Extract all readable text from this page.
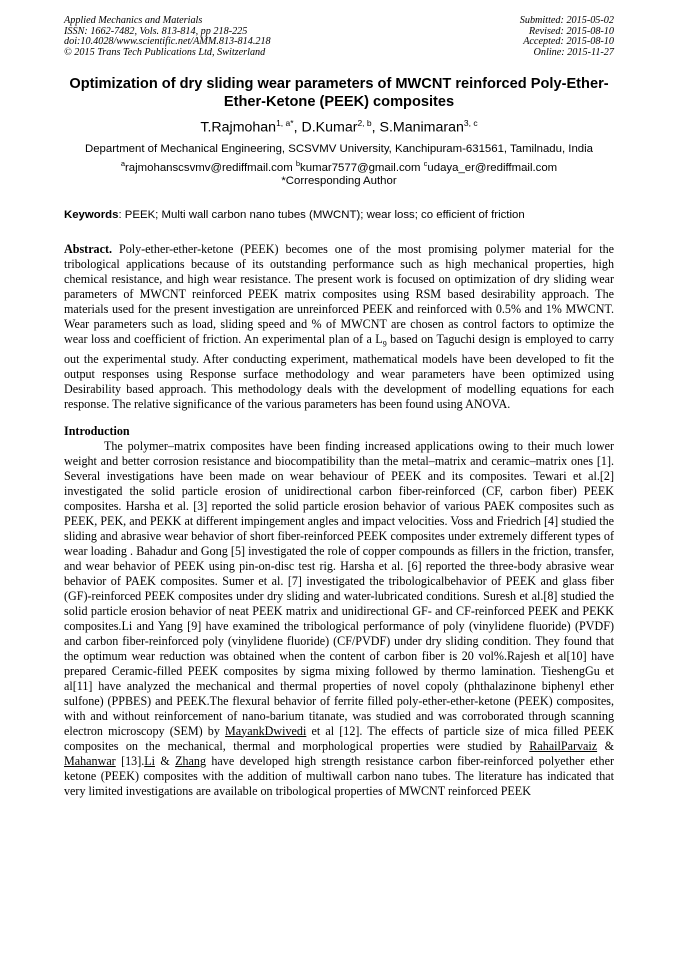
Applied Mechanics and Materials
ISSN: 1662-7482, Vols. 813-814, pp 218-225
doi:10.4028/www.scientific.net/AMM.813-814.218
© 2015 Trans Tech Publications Ltd, Switzerland
Submitted: 2015-05-02
Revised: 2015-08-10
Accepted: 2015-08-10
Online: 2015-11-27
Optimization of dry sliding wear parameters of MWCNT reinforced Poly-Ether-Ether-Ketone (PEEK) composites
T.Rajmohan$^{1, a*}$, D.Kumar$^{2, b}$, S.Manimaran$^{3, c}$
Department of Mechanical Engineering, SCSVMV University, Kanchipuram-631561, Tamilnadu, India
$^a$rajmohanscsvmv@rediffmail.com $^b$kumar7577@gmail.com $^c$udaya_er@rediffmail.com
*Corresponding Author
Keywords: PEEK; Multi wall carbon nano tubes (MWCNT); wear loss; co efficient of friction
Abstract. Poly-ether-ether-ketone (PEEK) becomes one of the most promising polymer material for the tribological applications because of its outstanding performance such as high mechanical properties, high chemical resistance, and high wear resistance. The present work is focused on optimization of dry sliding wear parameters of MWCNT reinforced PEEK matrix composites using RSM based desirability approach. The materials used for the present investigation are unreinforced PEEK and reinforced with 0.5% and 1% MWCNT. Wear parameters such as load, sliding speed and % of MWCNT are chosen as control factors to optimize the wear loss and coefficient of friction. An experimental plan of a $L_9$ based on Taguchi design is employed to carry out the experimental study. After conducting experiment, mathematical models have been developed to fit the output responses using Response surface methodology and wear parameters have been optimized using Desirability based approach. This methodology deals with the development of modelling equations for each response. The relative significance of the various parameters has been found using ANOVA.
Introduction

The polymer–matrix composites have been finding increased applications owing to their much lower weight and better corrosion resistance and biocompatibility than the metal–matrix and ceramic–matrix ones [1]. Several investigations have been made on wear behaviour of PEEK and its composites. Tewari et al.[2] investigated the solid particle erosion of unidirectional carbon fiber-reinforced (CF, carbon fiber) PEEK composites. Harsha et al. [3] reported the solid particle erosion behavior of various PAEK composites such as PEEK, PEK, and PEKK at different impingement angles and impact velocities. Voss and Friedrich [4] studied the sliding and abrasive wear behavior of short fiber-reinforced PEEK composites under extremely different types of wear loading . Bahadur and Gong [5] investigated the role of copper compounds as fillers in the friction, transfer, and wear behavior of PEEK using pin-on-disc test rig. Harsha et al. [6] reported the three-body abrasive wear behavior of PAEK composites. Sumer et al. [7] investigated the tribologicalbehavior of PEEK and glass fiber (GF)-reinforced PEEK composites under dry sliding and water-lubricated conditions. Suresh et al.[8] studied the solid particle erosion behavior of neat PEEK matrix and unidirectional GF- and CF-reinforced PEEK and PEKK composites.Li and Yang [9] have examined the tribological performance of poly (vinylidene fluoride) (PVDF) and carbon fiber-reinforced poly (vinylidene fluoride) (CF/PVDF) under dry sliding condition. They found that the optimum wear reduction was obtained when the content of carbon fiber is 20 vol%.Rajesh et al[10] have prepared Ceramic-filled PEEK composites by sigma mixing followed by thermo lamination. TieshengGu et al[11] have analyzed the mechanical and thermal properties of novel copoly (phthalazinone biphenyl ether sulfone) (PPBES) and PEEK.The flexural behavior of ferrite filled poly-ether-ether-ketone (PEEK) composites, with and without reinforcement of nano-barium titanate, was studied and was corroborated through scanning electron microscopy (SEM) by MayankDwivedi et al [12]. The effects of particle size of mica filled PEEK composites on the mechanical, thermal and morphological properties were studied by RahailParvaiz & Mahanwar [13].Li & Zhang have developed high strength resistance carbon fiber-reinforced polyether ether ketone (PEEK) composites with the addition of multiwall carbon nano tubes. The literature has indicated that very limited investigations are available on tribological properties of MWCNT reinforced PEEK
